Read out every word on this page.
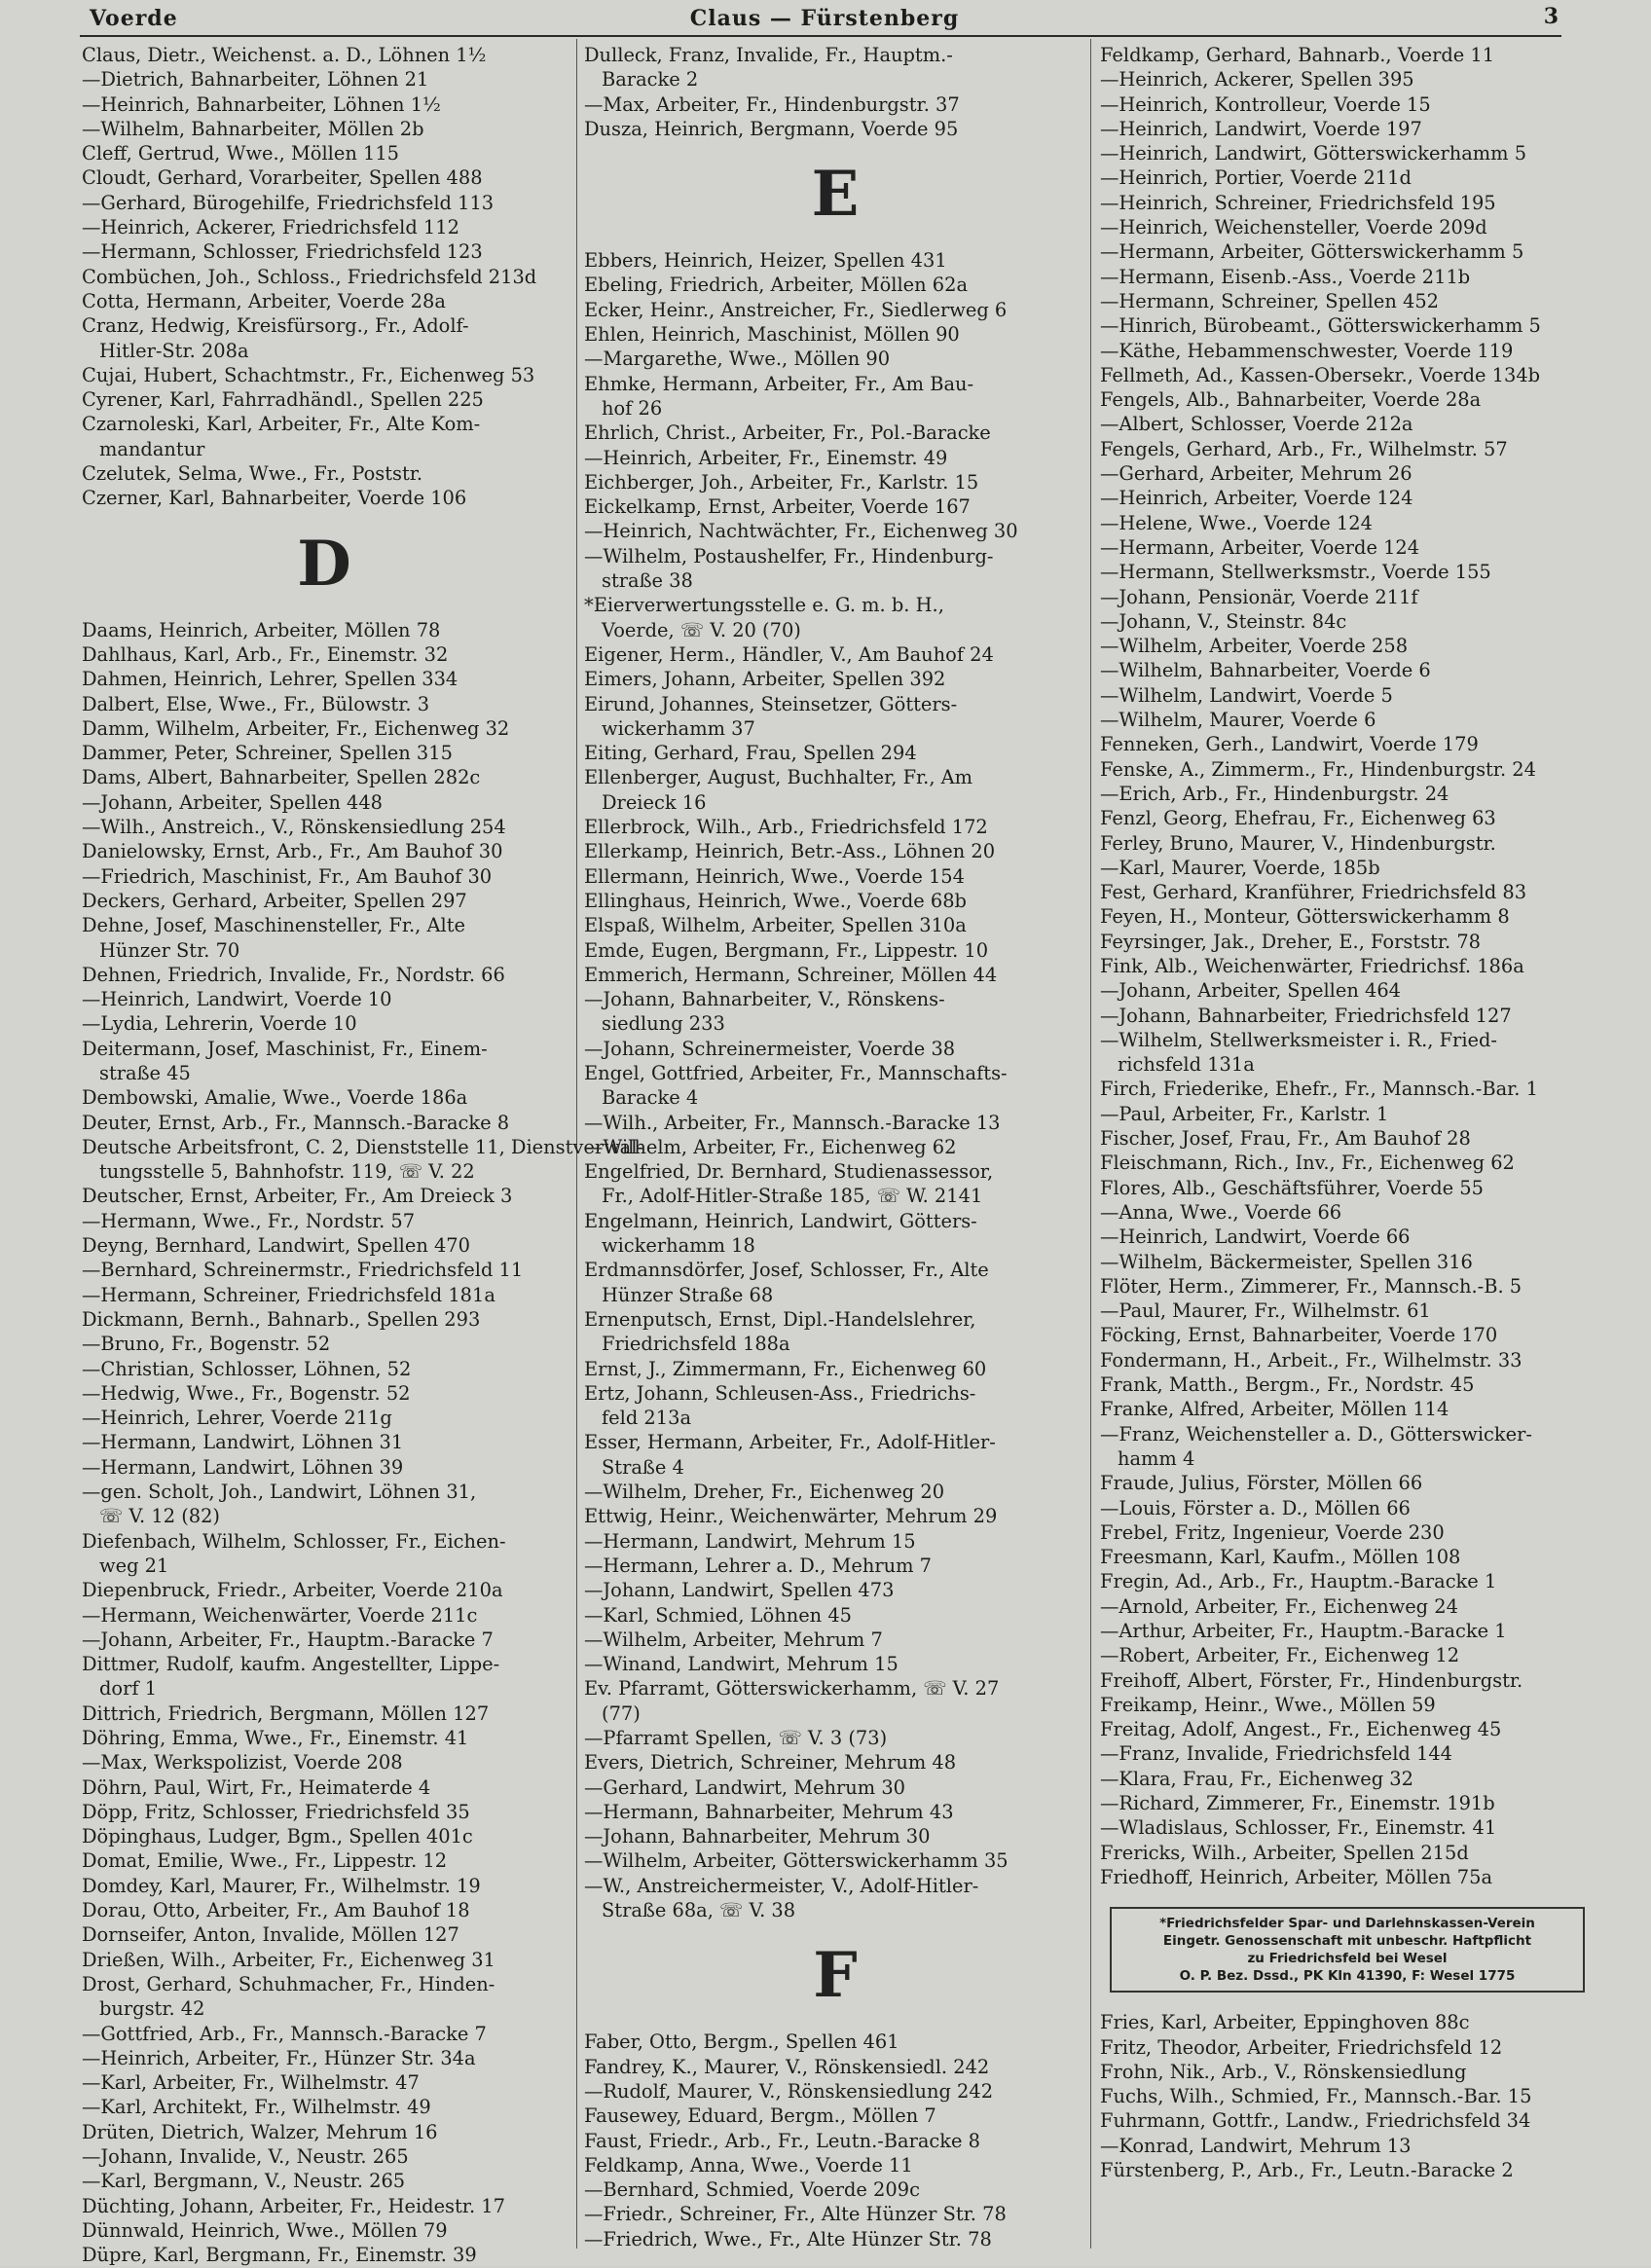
Voerde	Claus — Fürstenberg	3
Claus, Dietr., Weichenst. a. D., Löhnen 1½
—Dietrich, Bahnarbeiter, Löhnen 21
—Heinrich, Bahnarbeiter, Löhnen 1½
—Wilhelm, Bahnarbeiter, Möllen 2b
Cleff, Gertrud, Wwe., Möllen 115
Cloudt, Gerhard, Vorarbeiter, Spellen 488
—Gerhard, Bürogehilfe, Friedrichsfeld 113
—Heinrich, Ackerer, Friedrichsfeld 112
—Hermann, Schlosser, Friedrichsfeld 123
Combüchen, Joh., Schloss., Friedrichsfeld 213d
Cotta, Hermann, Arbeiter, Voerde 28a
Cranz, Hedwig, Kreisfürsorg., Fr., Adolf-
Hitler-Str. 208a
Cujai, Hubert, Schachtmstr., Fr., Eichenweg 53
Cyrener, Karl, Fahrradhändl., Spellen 225
Czarnoleski, Karl, Arbeiter, Fr., Alte Kom-
mandantur
Czelutek, Selma, Wwe., Fr., Poststr.
Czerner, Karl, Bahnarbeiter, Voerde 106
D
Daams, Heinrich, Arbeiter, Möllen 78
Dahlhaus, Karl, Arb., Fr., Einemstr. 32
Dahmen, Heinrich, Lehrer, Spellen 334
Dalbert, Else, Wwe., Fr., Bülowstr. 3
Damm, Wilhelm, Arbeiter, Fr., Eichenweg 32
Dammer, Peter, Schreiner, Spellen 315
Dams, Albert, Bahnarbeiter, Spellen 282c
—Johann, Arbeiter, Spellen 448
—Wilh., Anstreich., V., Rönskensiedlung 254
Danielowsky, Ernst, Arb., Fr., Am Bauhof 30
—Friedrich, Maschinist, Fr., Am Bauhof 30
Deckers, Gerhard, Arbeiter, Spellen 297
Dehne, Josef, Maschinensteller, Fr., Alte
Hünzer Str. 70
Dehnen, Friedrich, Invalide, Fr., Nordstr. 66
—Heinrich, Landwirt, Voerde 10
—Lydia, Lehrerin, Voerde 10
Deitermann, Josef, Maschinist, Fr., Einem-
straße 45
Dembowski, Amalie, Wwe., Voerde 186a
Deuter, Ernst, Arb., Fr., Mannsch.-Baracke 8
Deutsche Arbeitsfront, C. 2, Dienststelle 11, Dienstverwal-
tungsstelle 5, Bahnhofstr. 119, ☏ V. 22
Deutscher, Ernst, Arbeiter, Fr., Am Dreieck 3
—Hermann, Wwe., Fr., Nordstr. 57
Deyng, Bernhard, Landwirt, Spellen 470
—Bernhard, Schreinermstr., Friedrichsfeld 11
—Hermann, Schreiner, Friedrichsfeld 181a
Dickmann, Bernh., Bahnarb., Spellen 293
—Bruno, Fr., Bogenstr. 52
—Christian, Schlosser, Löhnen, 52
—Hedwig, Wwe., Fr., Bogenstr. 52
—Heinrich, Lehrer, Voerde 211g
—Hermann, Landwirt, Löhnen 31
—Hermann, Landwirt, Löhnen 39
—gen. Scholt, Joh., Landwirt, Löhnen 31,
☏ V. 12 (82)
Diefenbach, Wilhelm, Schlosser, Fr., Eichen-
weg 21
Diepenbruck, Friedr., Arbeiter, Voerde 210a
—Hermann, Weichenwärter, Voerde 211c
—Johann, Arbeiter, Fr., Hauptm.-Baracke 7
Dittmer, Rudolf, kaufm. Angestellter, Lippe-
dorf 1
Dittrich, Friedrich, Bergmann, Möllen 127
Döhring, Emma, Wwe., Fr., Einemstr. 41
—Max, Werkspolizist, Voerde 208
Döhrn, Paul, Wirt, Fr., Heimaterde 4
Döpp, Fritz, Schlosser, Friedrichsfeld 35
Döpinghaus, Ludger, Bgm., Spellen 401c
Domat, Emilie, Wwe., Fr., Lippestr. 12
Domdey, Karl, Maurer, Fr., Wilhelmstr. 19
Dorau, Otto, Arbeiter, Fr., Am Bauhof 18
Dornseifer, Anton, Invalide, Möllen 127
Drießen, Wilh., Arbeiter, Fr., Eichenweg 31
Drost, Gerhard, Schuhmacher, Fr., Hinden-
burgstr. 42
—Gottfried, Arb., Fr., Mannsch.-Baracke 7
—Heinrich, Arbeiter, Fr., Hünzer Str. 34a
—Karl, Arbeiter, Fr., Wilhelmstr. 47
—Karl, Architekt, Fr., Wilhelmstr. 49
Drüten, Dietrich, Walzer, Mehrum 16
—Johann, Invalide, V., Neustr. 265
—Karl, Bergmann, V., Neustr. 265
Düchting, Johann, Arbeiter, Fr., Heidestr. 17
Dünnwald, Heinrich, Wwe., Möllen 79
Düpre, Karl, Bergmann, Fr., Einemstr. 39
Dulleck, Franz, Invalide, Fr., Hauptm.-
Baracke 2
—Max, Arbeiter, Fr., Hindenburgstr. 37
Dusza, Heinrich, Bergmann, Voerde 95
E
Ebbers, Heinrich, Heizer, Spellen 431
Ebeling, Friedrich, Arbeiter, Möllen 62a
Ecker, Heinr., Anstreicher, Fr., Siedlerweg 6
Ehlen, Heinrich, Maschinist, Möllen 90
—Margarethe, Wwe., Möllen 90
Ehmke, Hermann, Arbeiter, Fr., Am Bau-
hof 26
Ehrlich, Christ., Arbeiter, Fr., Pol.-Baracke
—Heinrich, Arbeiter, Fr., Einemstr. 49
Eichberger, Joh., Arbeiter, Fr., Karlstr. 15
Eickelkamp, Ernst, Arbeiter, Voerde 167
—Heinrich, Nachtwächter, Fr., Eichenweg 30
—Wilhelm, Postaushelfer, Fr., Hindenburg-
straße 38
*Eierverwertungsstelle e. G. m. b. H.,
Voerde, ☏ V. 20 (70)
Eigener, Herm., Händler, V., Am Bauhof 24
Eimers, Johann, Arbeiter, Spellen 392
Eirund, Johannes, Steinsetzer, Götters-
wickerhamm 37
Eiting, Gerhard, Frau, Spellen 294
Ellenberger, August, Buchhalter, Fr., Am
Dreieck 16
Ellerbrock, Wilh., Arb., Friedrichsfeld 172
Ellerkamp, Heinrich, Betr.-Ass., Löhnen 20
Ellermann, Heinrich, Wwe., Voerde 154
Ellinghaus, Heinrich, Wwe., Voerde 68b
Elspaß, Wilhelm, Arbeiter, Spellen 310a
Emde, Eugen, Bergmann, Fr., Lippestr. 10
Emmerich, Hermann, Schreiner, Möllen 44
—Johann, Bahnarbeiter, V., Rönskens-
siedlung 233
—Johann, Schreinermeister, Voerde 38
Engel, Gottfried, Arbeiter, Fr., Mannschafts-
Baracke 4
—Wilh., Arbeiter, Fr., Mannsch.-Baracke 13
—Wilhelm, Arbeiter, Fr., Eichenweg 62
Engelfried, Dr. Bernhard, Studienassessor,
Fr., Adolf-Hitler-Straße 185, ☏ W. 2141
Engelmann, Heinrich, Landwirt, Götters-
wickerhamm 18
Erdmannsdörfer, Josef, Schlosser, Fr., Alte
Hünzer Straße 68
Ernenputsch, Ernst, Dipl.-Handelslehrer,
Friedrichsfeld 188a
Ernst, J., Zimmermann, Fr., Eichenweg 60
Ertz, Johann, Schleusen-Ass., Friedrichs-
feld 213a
Esser, Hermann, Arbeiter, Fr., Adolf-Hitler-
Straße 4
—Wilhelm, Dreher, Fr., Eichenweg 20
Ettwig, Heinr., Weichenwärter, Mehrum 29
—Hermann, Landwirt, Mehrum 15
—Hermann, Lehrer a. D., Mehrum 7
—Johann, Landwirt, Spellen 473
—Karl, Schmied, Löhnen 45
—Wilhelm, Arbeiter, Mehrum 7
—Winand, Landwirt, Mehrum 15
Ev. Pfarramt, Götterswickerhamm, ☏ V. 27
(77)
—Pfarramt Spellen, ☏ V. 3 (73)
Evers, Dietrich, Schreiner, Mehrum 48
—Gerhard, Landwirt, Mehrum 30
—Hermann, Bahnarbeiter, Mehrum 43
—Johann, Bahnarbeiter, Mehrum 30
—Wilhelm, Arbeiter, Götterswickerhamm 35
—W., Anstreichermeister, V., Adolf-Hitler-
Straße 68a, ☏ V. 38
F
Faber, Otto, Bergm., Spellen 461
Fandrey, K., Maurer, V., Rönskensiedl. 242
—Rudolf, Maurer, V., Rönskensiedlung 242
Fausewey, Eduard, Bergm., Möllen 7
Faust, Friedr., Arb., Fr., Leutn.-Baracke 8
Feldkamp, Anna, Wwe., Voerde 11
—Bernhard, Schmied, Voerde 209c
—Friedr., Schreiner, Fr., Alte Hünzer Str. 78
—Friedrich, Wwe., Fr., Alte Hünzer Str. 78
Feldkamp, Gerhard, Bahnarb., Voerde 11
—Heinrich, Ackerer, Spellen 395
—Heinrich, Kontrolleur, Voerde 15
—Heinrich, Landwirt, Voerde 197
—Heinrich, Landwirt, Götterswickerhamm 5
—Heinrich, Portier, Voerde 211d
—Heinrich, Schreiner, Friedrichsfeld 195
—Heinrich, Weichensteller, Voerde 209d
—Hermann, Arbeiter, Götterswickerhamm 5
—Hermann, Eisenb.-Ass., Voerde 211b
—Hermann, Schreiner, Spellen 452
—Hinrich, Bürobeamt., Götterswickerhamm 5
—Käthe, Hebammenschwester, Voerde 119
Fellmeth, Ad., Kassen-Obersekr., Voerde 134b
Fengels, Alb., Bahnarbeiter, Voerde 28a
—Albert, Schlosser, Voerde 212a
Fengels, Gerhard, Arb., Fr., Wilhelmstr. 57
—Gerhard, Arbeiter, Mehrum 26
—Heinrich, Arbeiter, Voerde 124
—Helene, Wwe., Voerde 124
—Hermann, Arbeiter, Voerde 124
—Hermann, Stellwerksmstr., Voerde 155
—Johann, Pensionär, Voerde 211f
—Johann, V., Steinstr. 84c
—Wilhelm, Arbeiter, Voerde 258
—Wilhelm, Bahnarbeiter, Voerde 6
—Wilhelm, Landwirt, Voerde 5
—Wilhelm, Maurer, Voerde 6
Fenneken, Gerh., Landwirt, Voerde 179
Fenske, A., Zimmerm., Fr., Hindenburgstr. 24
—Erich, Arb., Fr., Hindenburgstr. 24
Fenzl, Georg, Ehefrau, Fr., Eichenweg 63
Ferley, Bruno, Maurer, V., Hindenburgstr.
—Karl, Maurer, Voerde, 185b
Fest, Gerhard, Kranführer, Friedrichsfeld 83
Feyen, H., Monteur, Götterswickerhamm 8
Feyrsinger, Jak., Dreher, E., Forststr. 78
Fink, Alb., Weichenwärter, Friedrichsf. 186a
—Johann, Arbeiter, Spellen 464
—Johann, Bahnarbeiter, Friedrichsfeld 127
—Wilhelm, Stellwerksmeister i. R., Fried-
richsfeld 131a
Firch, Friederike, Ehefr., Fr., Mannsch.-Bar. 1
—Paul, Arbeiter, Fr., Karlstr. 1
Fischer, Josef, Frau, Fr., Am Bauhof 28
Fleischmann, Rich., Inv., Fr., Eichenweg 62
Flores, Alb., Geschäftsführer, Voerde 55
—Anna, Wwe., Voerde 66
—Heinrich, Landwirt, Voerde 66
—Wilhelm, Bäckermeister, Spellen 316
Flöter, Herm., Zimmerer, Fr., Mannsch.-B. 5
—Paul, Maurer, Fr., Wilhelmstr. 61
Föcking, Ernst, Bahnarbeiter, Voerde 170
Fondermann, H., Arbeit., Fr., Wilhelmstr. 33
Frank, Matth., Bergm., Fr., Nordstr. 45
Franke, Alfred, Arbeiter, Möllen 114
—Franz, Weichensteller a. D., Götterswicker-
hamm 4
Fraude, Julius, Förster, Möllen 66
—Louis, Förster a. D., Möllen 66
Frebel, Fritz, Ingenieur, Voerde 230
Freesmann, Karl, Kaufm., Möllen 108
Fregin, Ad., Arb., Fr., Hauptm.-Baracke 1
—Arnold, Arbeiter, Fr., Eichenweg 24
—Arthur, Arbeiter, Fr., Hauptm.-Baracke 1
—Robert, Arbeiter, Fr., Eichenweg 12
Freihoff, Albert, Förster, Fr., Hindenburgstr.
Freikamp, Heinr., Wwe., Möllen 59
Freitag, Adolf, Angest., Fr., Eichenweg 45
—Franz, Invalide, Friedrichsfeld 144
—Klara, Frau, Fr., Eichenweg 32
—Richard, Zimmerer, Fr., Einemstr. 191b
—Wladislaus, Schlosser, Fr., Einemstr. 41
Frericks, Wilh., Arbeiter, Spellen 215d
Friedhoff, Heinrich, Arbeiter, Möllen 75a
*Friedrichsfelder Spar- und Darlehnskassen-Verein
Eingetr. Genossenschaft mit unbeschr. Haftpflicht
zu Friedrichsfeld bei Wesel
O. P. Bez. Dssd., PK Kln 41390, F: Wesel 1775
Fries, Karl, Arbeiter, Eppinghoven 88c
Fritz, Theodor, Arbeiter, Friedrichsfeld 12
Frohn, Nik., Arb., V., Rönskensiedlung
Fuchs, Wilh., Schmied, Fr., Mannsch.-Bar. 15
Fuhrmann, Gottfr., Landw., Friedrichsfeld 34
—Konrad, Landwirt, Mehrum 13
Fürstenberg, P., Arb., Fr., Leutn.-Baracke 2
